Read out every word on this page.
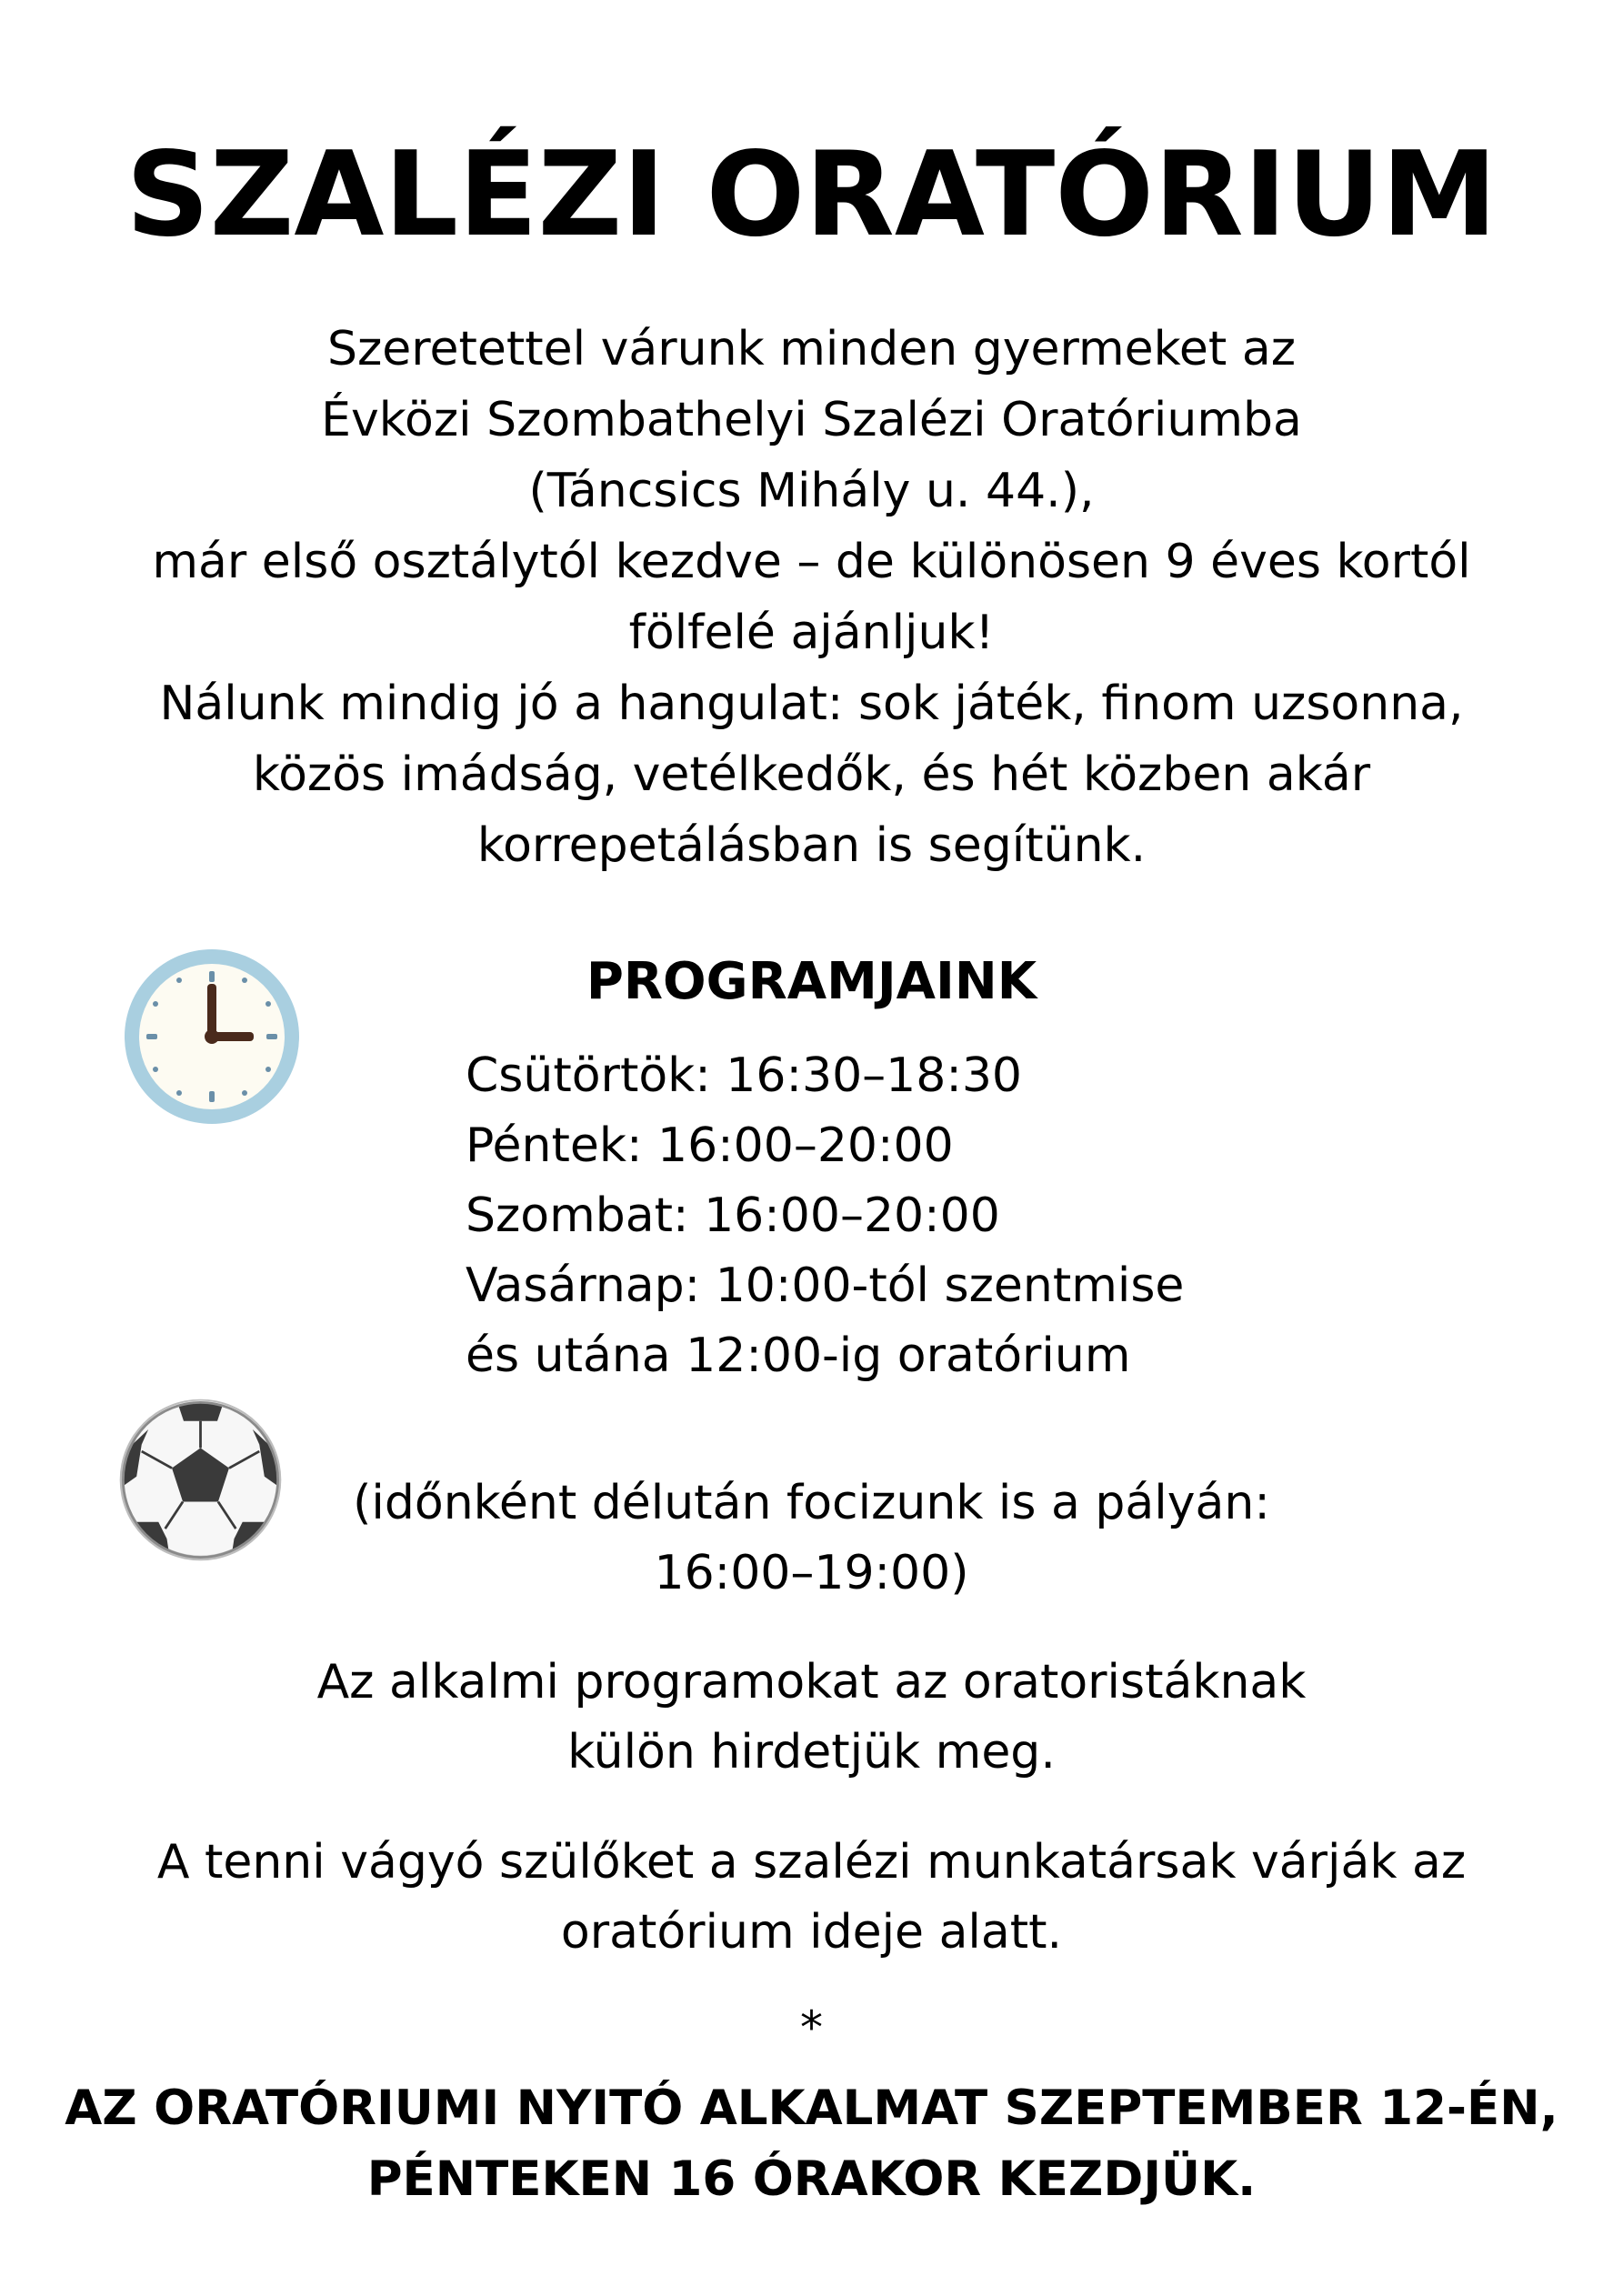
SZALÉZI ORATÓRIUM
Szeretettel várunk minden gyermeket az
Évközi Szombathelyi Szalézi Oratóriumba
(Táncsics Mihály u. 44.),
már első osztálytól kezdve – de különösen 9 éves kortól
fölfelé ajánljuk!
Nálunk mindig jó a hangulat: sok játék, finom uzsonna,
közös imádság, vetélkedők, és hét közben akár
korrepetálásban is segítünk.
PROGRAMJAINK
Csütörtök: 16:30–18:30
Péntek: 16:00–20:00
Szombat: 16:00–20:00
Vasárnap: 10:00-tól szentmise
és utána 12:00-ig oratórium
(időnként délután focizunk is a pályán:
16:00–19:00)
Az alkalmi programokat az oratoristáknak
külön hirdetjük meg.
A tenni vágyó szülőket a szalézi munkatársak várják az
oratórium ideje alatt.
*
AZ ORATÓRIUMI NYITÓ ALKALMAT SZEPTEMBER 12-ÉN,
PÉNTEKEN 16 ÓRAKOR KEZDJÜK.
